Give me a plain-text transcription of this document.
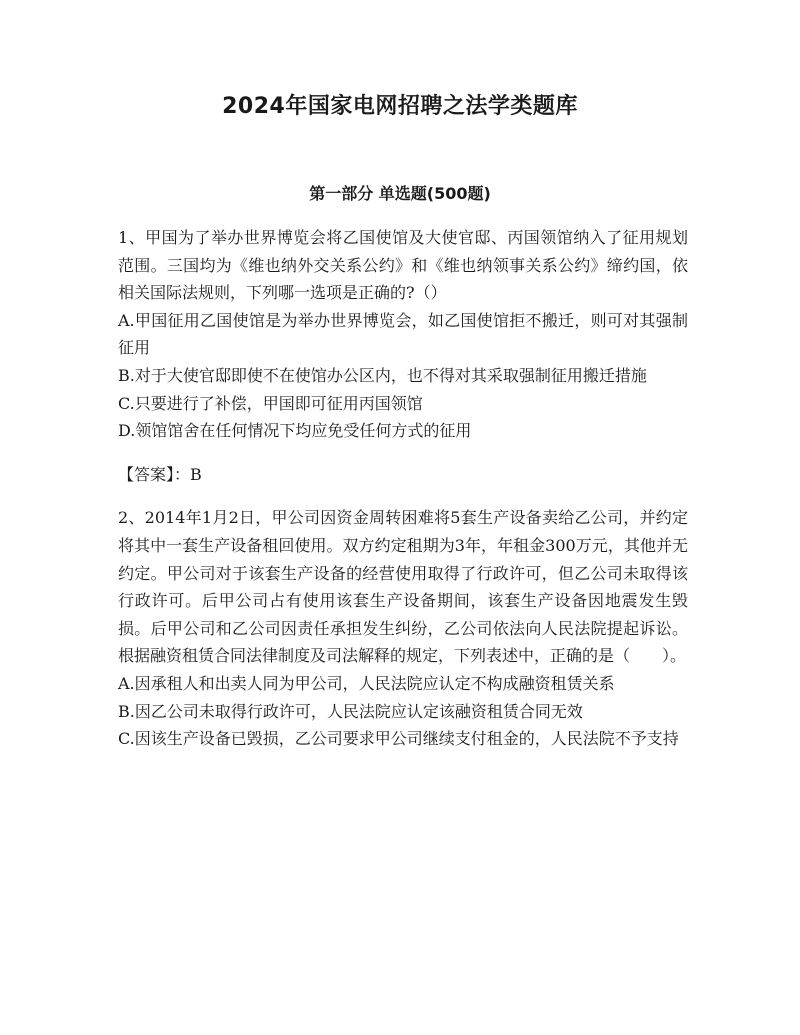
2024年国家电网招聘之法学类题库
第一部分 单选题(500题)

1、甲国为了举办世界博览会将乙国使馆及大使官邸、丙国领馆纳入了征用规划范围。三国均为《维也纳外交关系公约》和《维也纳领事关系公约》缔约国，依相关国际法规则，下列哪一选项是正确的?（）

A.甲国征用乙国使馆是为举办世界博览会，如乙国使馆拒不搬迁，则可对其强制征用

B.对于大使官邸即使不在使馆办公区内，也不得对其采取强制征用搬迁措施

C.只要进行了补偿，甲国即可征用丙国领馆

D.领馆馆舍在任何情况下均应免受任何方式的征用

【答案】：B

2、2014年1月2日，甲公司因资金周转困难将5套生产设备卖给乙公司，并约定将其中一套生产设备租回使用。双方约定租期为3年，年租金300万元，其他并无约定。甲公司对于该套生产设备的经营使用取得了行政许可，但乙公司未取得该行政许可。后甲公司占有使用该套生产设备期间，该套生产设备因地震发生毁损。后甲公司和乙公司因责任承担发生纠纷，乙公司依法向人民法院提起诉讼。根据融资租赁合同法律制度及司法解释的规定，下列表述中，正确的是（　　）。

A.因承租人和出卖人同为甲公司，人民法院应认定不构成融资租赁关系

B.因乙公司未取得行政许可，人民法院应认定该融资租赁合同无效

C.因该生产设备已毁损，乙公司要求甲公司继续支付租金的，人民法院不予支持
